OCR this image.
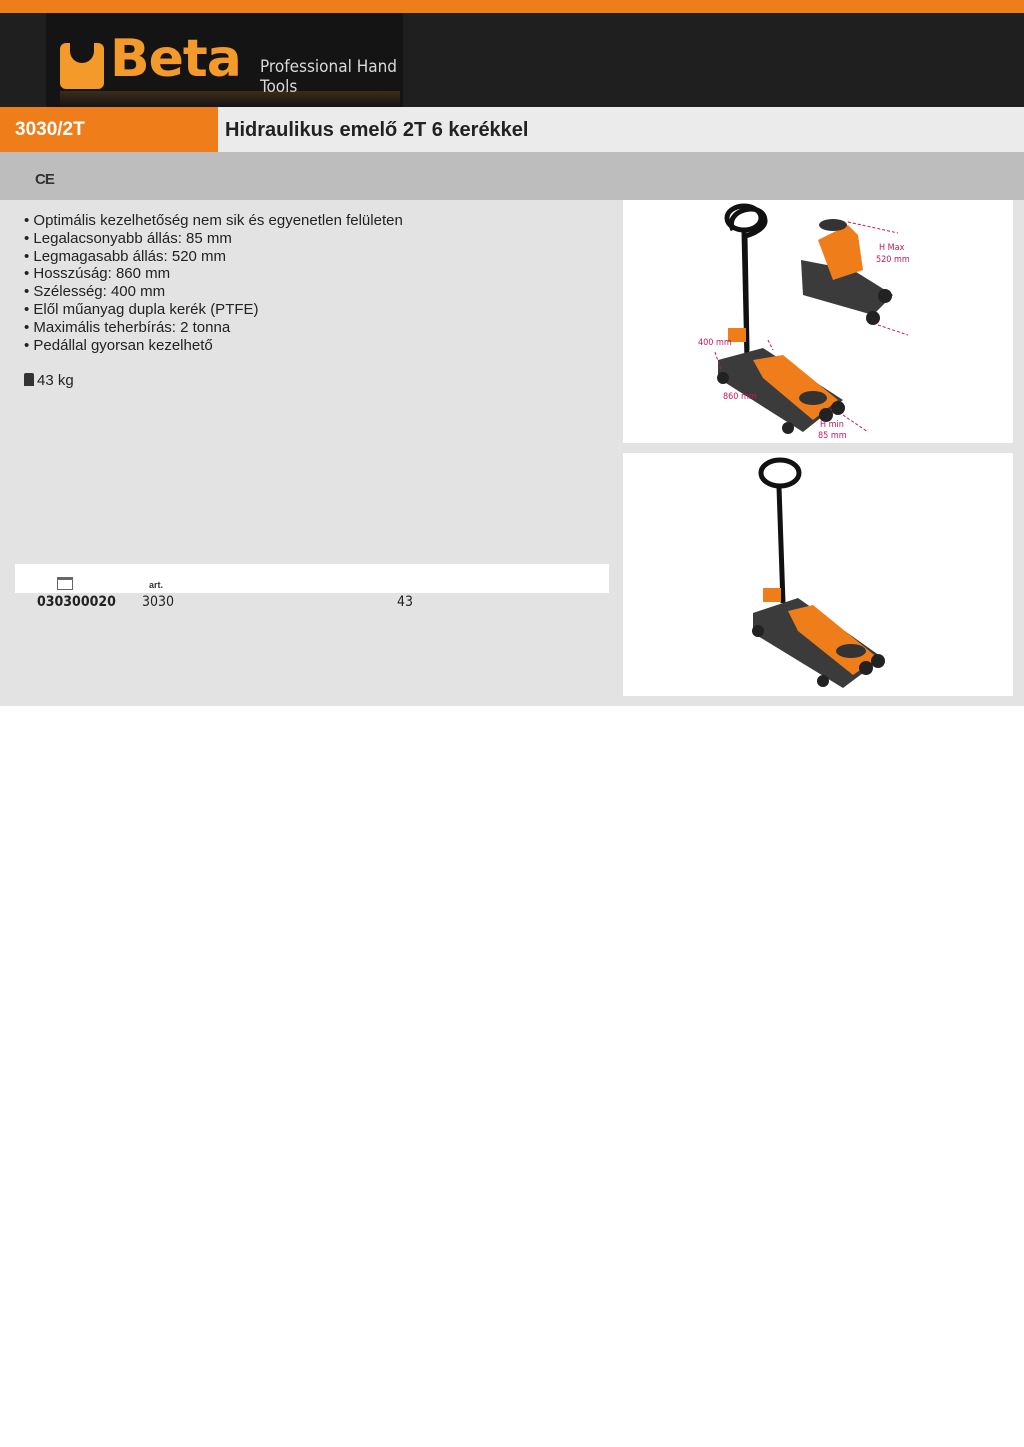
Beta Professional Hand Tools
3030/2T	Hidraulikus emelő 2T 6 kerékkel
CE
• Optimális kezelhetőség nem sik és egyenetlen felületen
• Legalacsonyabb állás: 85 mm
• Legmagasabb állás: 520 mm
• Hosszúság: 860 mm
• Szélesség: 400 mm
• Elől műanyag dupla kerék (PTFE)
• Maximális teherbírás: 2 tonna
• Pedállal gyorsan kezelhető
43 kg
art.
030300020 3030	43
H Max
520 mm
400 mm
860 mm
H min
85 mm
